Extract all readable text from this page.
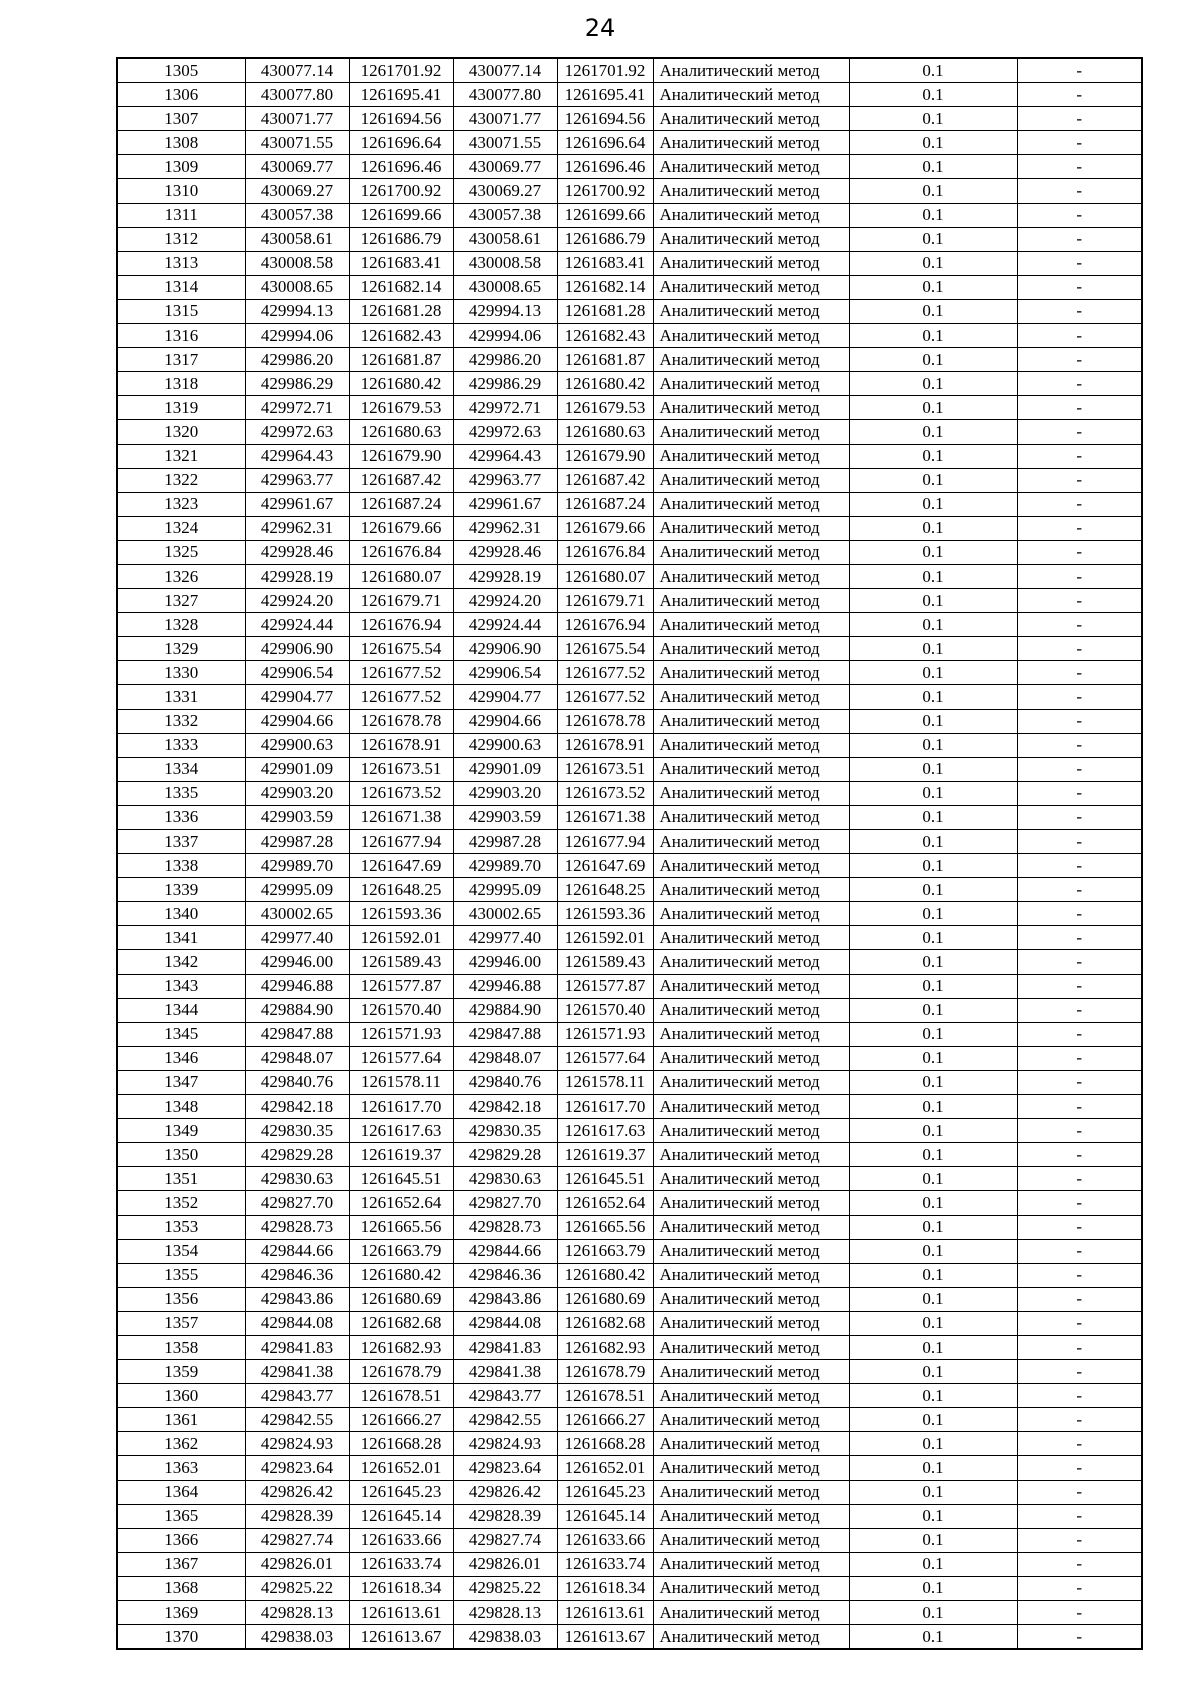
24
1305	430077.14	1261701.92	430077.14	1261701.92	Аналитический метод	0.1	-
1306	430077.80	1261695.41	430077.80	1261695.41	Аналитический метод	0.1	-
1307	430071.77	1261694.56	430071.77	1261694.56	Аналитический метод	0.1	-
1308	430071.55	1261696.64	430071.55	1261696.64	Аналитический метод	0.1	-
1309	430069.77	1261696.46	430069.77	1261696.46	Аналитический метод	0.1	-
1310	430069.27	1261700.92	430069.27	1261700.92	Аналитический метод	0.1	-
1311	430057.38	1261699.66	430057.38	1261699.66	Аналитический метод	0.1	-
1312	430058.61	1261686.79	430058.61	1261686.79	Аналитический метод	0.1	-
1313	430008.58	1261683.41	430008.58	1261683.41	Аналитический метод	0.1	-
1314	430008.65	1261682.14	430008.65	1261682.14	Аналитический метод	0.1	-
1315	429994.13	1261681.28	429994.13	1261681.28	Аналитический метод	0.1	-
1316	429994.06	1261682.43	429994.06	1261682.43	Аналитический метод	0.1	-
1317	429986.20	1261681.87	429986.20	1261681.87	Аналитический метод	0.1	-
1318	429986.29	1261680.42	429986.29	1261680.42	Аналитический метод	0.1	-
1319	429972.71	1261679.53	429972.71	1261679.53	Аналитический метод	0.1	-
1320	429972.63	1261680.63	429972.63	1261680.63	Аналитический метод	0.1	-
1321	429964.43	1261679.90	429964.43	1261679.90	Аналитический метод	0.1	-
1322	429963.77	1261687.42	429963.77	1261687.42	Аналитический метод	0.1	-
1323	429961.67	1261687.24	429961.67	1261687.24	Аналитический метод	0.1	-
1324	429962.31	1261679.66	429962.31	1261679.66	Аналитический метод	0.1	-
1325	429928.46	1261676.84	429928.46	1261676.84	Аналитический метод	0.1	-
1326	429928.19	1261680.07	429928.19	1261680.07	Аналитический метод	0.1	-
1327	429924.20	1261679.71	429924.20	1261679.71	Аналитический метод	0.1	-
1328	429924.44	1261676.94	429924.44	1261676.94	Аналитический метод	0.1	-
1329	429906.90	1261675.54	429906.90	1261675.54	Аналитический метод	0.1	-
1330	429906.54	1261677.52	429906.54	1261677.52	Аналитический метод	0.1	-
1331	429904.77	1261677.52	429904.77	1261677.52	Аналитический метод	0.1	-
1332	429904.66	1261678.78	429904.66	1261678.78	Аналитический метод	0.1	-
1333	429900.63	1261678.91	429900.63	1261678.91	Аналитический метод	0.1	-
1334	429901.09	1261673.51	429901.09	1261673.51	Аналитический метод	0.1	-
1335	429903.20	1261673.52	429903.20	1261673.52	Аналитический метод	0.1	-
1336	429903.59	1261671.38	429903.59	1261671.38	Аналитический метод	0.1	-
1337	429987.28	1261677.94	429987.28	1261677.94	Аналитический метод	0.1	-
1338	429989.70	1261647.69	429989.70	1261647.69	Аналитический метод	0.1	-
1339	429995.09	1261648.25	429995.09	1261648.25	Аналитический метод	0.1	-
1340	430002.65	1261593.36	430002.65	1261593.36	Аналитический метод	0.1	-
1341	429977.40	1261592.01	429977.40	1261592.01	Аналитический метод	0.1	-
1342	429946.00	1261589.43	429946.00	1261589.43	Аналитический метод	0.1	-
1343	429946.88	1261577.87	429946.88	1261577.87	Аналитический метод	0.1	-
1344	429884.90	1261570.40	429884.90	1261570.40	Аналитический метод	0.1	-
1345	429847.88	1261571.93	429847.88	1261571.93	Аналитический метод	0.1	-
1346	429848.07	1261577.64	429848.07	1261577.64	Аналитический метод	0.1	-
1347	429840.76	1261578.11	429840.76	1261578.11	Аналитический метод	0.1	-
1348	429842.18	1261617.70	429842.18	1261617.70	Аналитический метод	0.1	-
1349	429830.35	1261617.63	429830.35	1261617.63	Аналитический метод	0.1	-
1350	429829.28	1261619.37	429829.28	1261619.37	Аналитический метод	0.1	-
1351	429830.63	1261645.51	429830.63	1261645.51	Аналитический метод	0.1	-
1352	429827.70	1261652.64	429827.70	1261652.64	Аналитический метод	0.1	-
1353	429828.73	1261665.56	429828.73	1261665.56	Аналитический метод	0.1	-
1354	429844.66	1261663.79	429844.66	1261663.79	Аналитический метод	0.1	-
1355	429846.36	1261680.42	429846.36	1261680.42	Аналитический метод	0.1	-
1356	429843.86	1261680.69	429843.86	1261680.69	Аналитический метод	0.1	-
1357	429844.08	1261682.68	429844.08	1261682.68	Аналитический метод	0.1	-
1358	429841.83	1261682.93	429841.83	1261682.93	Аналитический метод	0.1	-
1359	429841.38	1261678.79	429841.38	1261678.79	Аналитический метод	0.1	-
1360	429843.77	1261678.51	429843.77	1261678.51	Аналитический метод	0.1	-
1361	429842.55	1261666.27	429842.55	1261666.27	Аналитический метод	0.1	-
1362	429824.93	1261668.28	429824.93	1261668.28	Аналитический метод	0.1	-
1363	429823.64	1261652.01	429823.64	1261652.01	Аналитический метод	0.1	-
1364	429826.42	1261645.23	429826.42	1261645.23	Аналитический метод	0.1	-
1365	429828.39	1261645.14	429828.39	1261645.14	Аналитический метод	0.1	-
1366	429827.74	1261633.66	429827.74	1261633.66	Аналитический метод	0.1	-
1367	429826.01	1261633.74	429826.01	1261633.74	Аналитический метод	0.1	-
1368	429825.22	1261618.34	429825.22	1261618.34	Аналитический метод	0.1	-
1369	429828.13	1261613.61	429828.13	1261613.61	Аналитический метод	0.1	-
1370	429838.03	1261613.67	429838.03	1261613.67	Аналитический метод	0.1	-
